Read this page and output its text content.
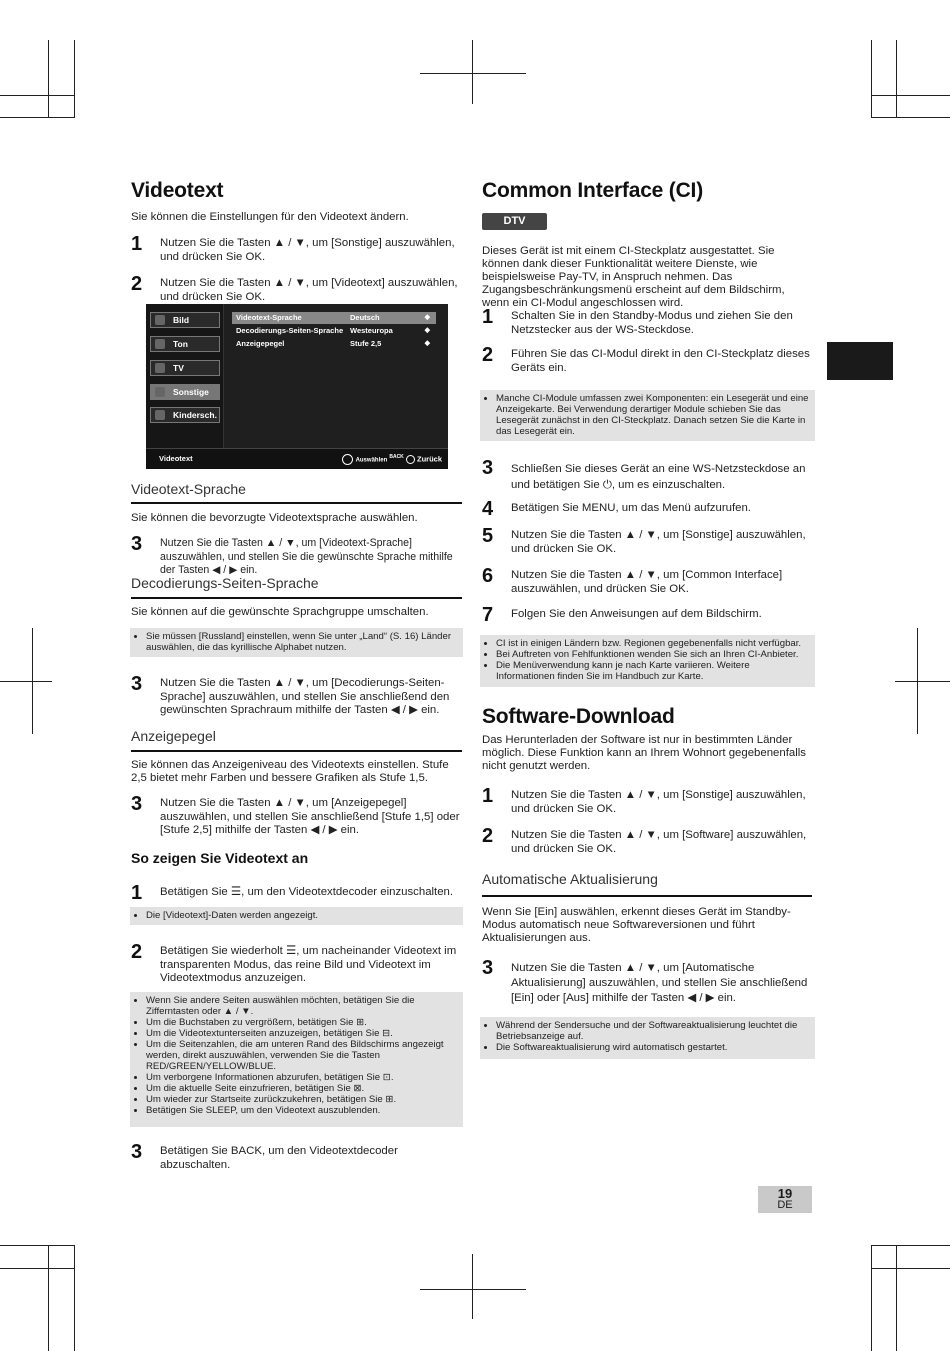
Videotext
Sie können die Einstellungen für den Videotext ändern.
1 Nutzen Sie die Tasten ▲ / ▼, um [Sonstige] auszuwählen, und drücken Sie OK.
2 Nutzen Sie die Tasten ▲ / ▼, um [Videotext] auszuwählen, und drücken Sie OK.
Bild
Ton
TV
Sonstige
Kindersch.
Videotext-Sprache	Deutsch	◆
Decodierungs-Seiten-Sprache Westeuropa	◆
Anzeigepegel	Stufe 2,5	◆
Videotext	Auswählen $^{BACK}$ Zurück
Videotext-Sprache
Sie können die bevorzugte Videotextsprache auswählen.
3 Nutzen Sie die Tasten ▲ / ▼, um [Videotext-Sprache] auszuwählen, und stellen Sie die gewünschte Sprache mithilfe der Tasten ◀ / ▶ ein.
Decodierungs-Seiten-Sprache
Sie können auf die gewünschte Sprachgruppe umschalten.
• Sie müssen [Russland] einstellen, wenn Sie unter „Land“ (S. 16) Länder auswählen, die das kyrillische Alphabet nutzen.
3 Nutzen Sie die Tasten ▲ / ▼, um [Decodierungs-Seiten-Sprache] auszuwählen, und stellen Sie anschließend den gewünschten Sprachraum mithilfe der Tasten ◀ / ▶ ein.
Anzeigepegel
Sie können das Anzeigeniveau des Videotexts einstellen. Stufe 2,5 bietet mehr Farben und bessere Grafiken als Stufe 1,5.
3 Nutzen Sie die Tasten ▲ / ▼, um [Anzeigepegel] auszuwählen, und stellen Sie anschließend [Stufe 1,5] oder [Stufe 2,5] mithilfe der Tasten ◀ / ▶ ein.
So zeigen Sie Videotext an
1 Betätigen Sie ☰, um den Videotextdecoder einzuschalten.
• Die [Videotext]-Daten werden angezeigt.
2 Betätigen Sie wiederholt ☰, um nacheinander Videotext im transparenten Modus, das reine Bild und Videotext im Videotextmodus anzuzeigen.
• Wenn Sie andere Seiten auswählen möchten, betätigen Sie die Zifferntasten oder ▲ / ▼.
• Um die Buchstaben zu vergrößern, betätigen Sie ⊞.
• Um die Videotextunterseiten anzuzeigen, betätigen Sie ⊟.
• Um die Seitenzahlen, die am unteren Rand des Bildschirms angezeigt werden, direkt auszuwählen, verwenden Sie die Tasten RED/GREEN/YELLOW/BLUE.
• Um verborgene Informationen abzurufen, betätigen Sie ⊡.
• Um die aktuelle Seite einzufrieren, betätigen Sie ⊠.
• Um wieder zur Startseite zurückzukehren, betätigen Sie ⊞.
• Betätigen Sie SLEEP, um den Videotext auszublenden.
3 Betätigen Sie BACK, um den Videotextdecoder abzuschalten.
Common Interface (CI)
DTV
Dieses Gerät ist mit einem CI-Steckplatz ausgestattet. Sie können dank dieser Funktionalität weitere Dienste, wie beispielsweise Pay-TV, in Anspruch nehmen. Das Zugangsbeschränkungsmenü erscheint auf dem Bildschirm, wenn ein CI-Modul angeschlossen wird.
1 Schalten Sie in den Standby-Modus und ziehen Sie den Netzstecker aus der WS-Steckdose.
2 Führen Sie das CI-Modul direkt in den CI-Steckplatz dieses Geräts ein.
• Manche CI-Module umfassen zwei Komponenten: ein Lesegerät und eine Anzeigekarte. Bei Verwendung derartiger Module schieben Sie das Lesegerät zunächst in den CI-Steckplatz. Danach setzen Sie die Karte in das Lesegerät ein.
3 Schließen Sie dieses Gerät an eine WS-Netzsteckdose an und betätigen Sie ⏻, um es einzuschalten.
4 Betätigen Sie MENU, um das Menü aufzurufen.
5 Nutzen Sie die Tasten ▲ / ▼, um [Sonstige] auszuwählen, und drücken Sie OK.
6 Nutzen Sie die Tasten ▲ / ▼, um [Common Interface] auszuwählen, und drücken Sie OK.
7 Folgen Sie den Anweisungen auf dem Bildschirm.
• CI ist in einigen Ländern bzw. Regionen gegebenenfalls nicht verfügbar.
• Bei Auftreten von Fehlfunktionen wenden Sie sich an Ihren CI-Anbieter.
• Die Menüverwendung kann je nach Karte variieren. Weitere Informationen finden Sie im Handbuch zur Karte.
Software-Download
Das Herunterladen der Software ist nur in bestimmten Länder möglich. Diese Funktion kann an Ihrem Wohnort gegebenenfalls nicht genutzt werden.
1 Nutzen Sie die Tasten ▲ / ▼, um [Sonstige] auszuwählen, und drücken Sie OK.
2 Nutzen Sie die Tasten ▲ / ▼, um [Software] auszuwählen, und drücken Sie OK.
Automatische Aktualisierung
Wenn Sie [Ein] auswählen, erkennt dieses Gerät im Standby-Modus automatisch neue Softwareversionen und führt Aktualisierungen aus.
3 Nutzen Sie die Tasten ▲ / ▼, um [Automatische Aktualisierung] auszuwählen, und stellen Sie anschließend [Ein] oder [Aus] mithilfe der Tasten ◀ / ▶ ein.
• Während der Sendersuche und der Softwareaktualisierung leuchtet die Betriebsanzeige auf.
• Die Softwareaktualisierung wird automatisch gestartet.
19
DE
